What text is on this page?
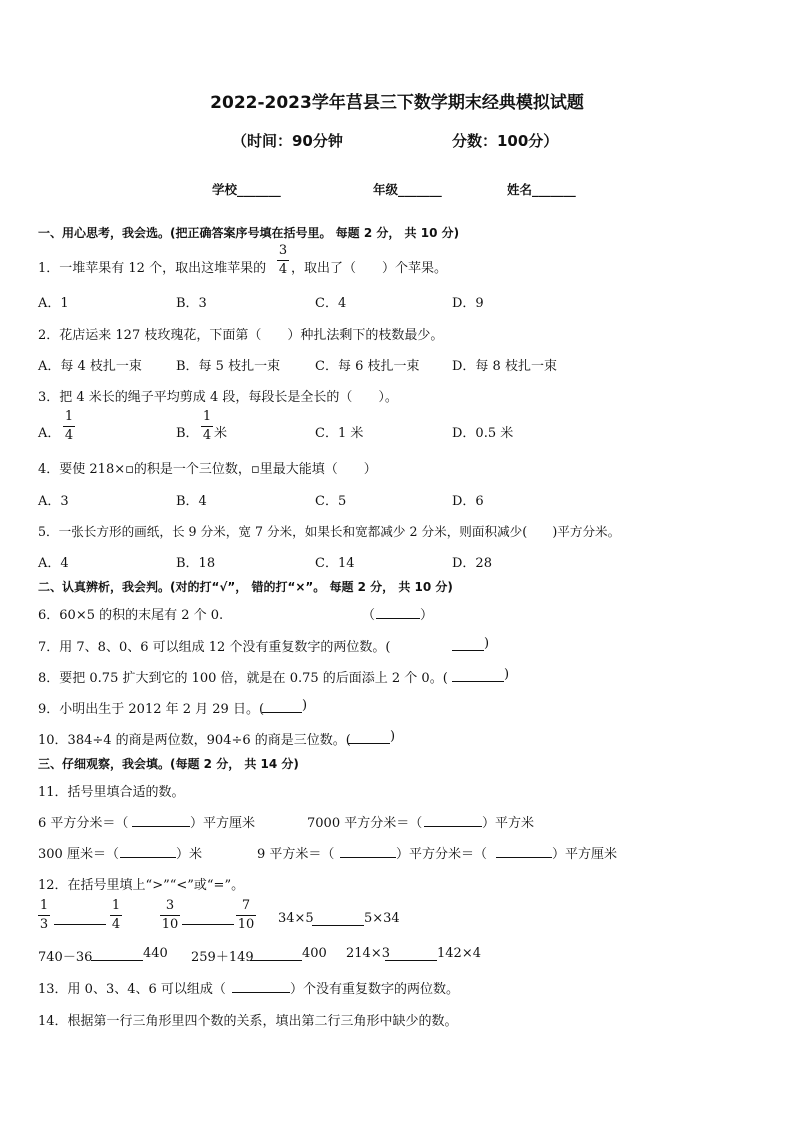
2022-2023学年莒县三下数学期末经典模拟试题
（时间：90分钟	分数：100分）
学校_______	年级_______	姓名_______
一、用心思考，我会选。(把正确答案序号填在括号里。 每题 2 分， 共 10 分)
1．一堆苹果有 12 个，取出这堆苹果的
3
4 ，取出了（　　）个苹果。
A．1	B．3	C．4	D．9
2．花店运来 127 枝玫瑰花，下面第（　　）种扎法剩下的枝数最少。
A．每 4 枝扎一束	B．每 5 枝扎一束	C．每 6 枝扎一束	D．每 8 枝扎一束
3．把 4 米长的绳子平均剪成 4 段，每段长是全长的（　　）。
A．
1
4	B．
1
4 米	C．1 米	D．0.5 米
4．要使 218×▫的积是一个三位数，▫里最大能填（　　）
A．3	B．4	C．5	D．6
5．一张长方形的画纸，长 9 分米，宽 7 分米，如果长和宽都减少 2 分米，则面积减少(　　)平方分米。
A．4	B．18	C．14	D．28
二、认真辨析，我会判。(对的打“√”， 错的打“×”。 每题 2 分， 共 10 分)
6．60×5 的积的末尾有 2 个 0.	（	）
7．用 7、8、0、6 可以组成 12 个没有重复数字的两位数。(	)
8．要把 0.75 扩大到它的 100 倍，就是在 0.75 的后面添上 2 个 0。(	)
9．小明出生于 2012 年 2 月 29 日。(	)
10．384÷4 的商是两位数，904÷6 的商是三位数。(	)
三、仔细观察，我会填。(每题 2 分， 共 14 分)
11．括号里填合适的数。
6 平方分米＝（	）平方厘米	7000 平方分米＝（	）平方米
300 厘米＝（	）米	9 平方米＝（	）平方分米＝（	）平方厘米
12．在括号里填上“>”“<”或“=”。
1
3
1
4
3
10
7
10 34×5	5×34
740－36	440 259＋149	400 214×3	142×4
13．用 0、3、4、6 可以组成（	）个没有重复数字的两位数。
14．根据第一行三角形里四个数的关系，填出第二行三角形中缺少的数。
